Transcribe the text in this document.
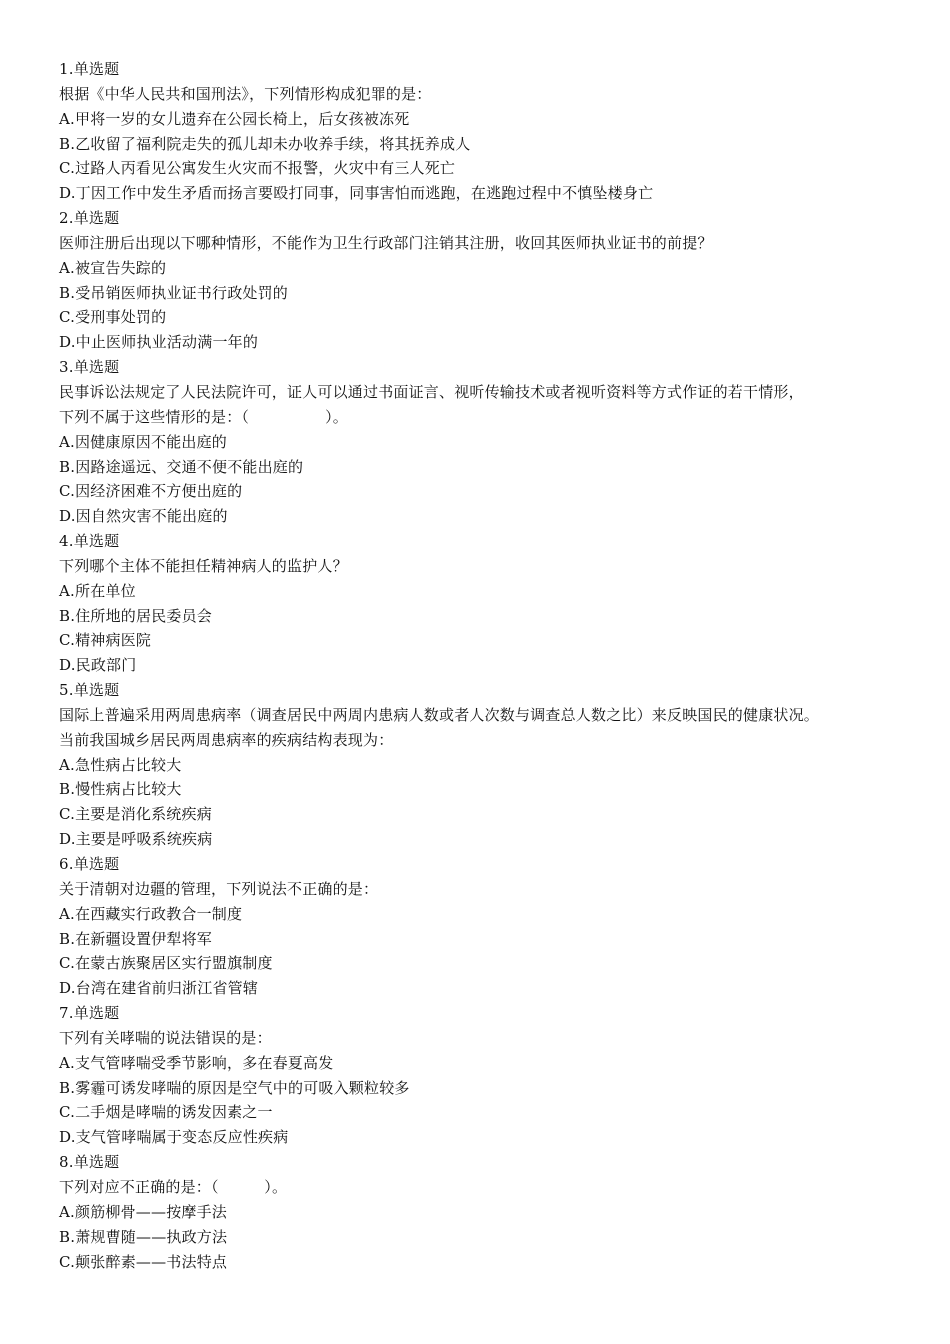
1.单选题
根据《中华人民共和国刑法》，下列情形构成犯罪的是：
A.甲将一岁的女儿遗弃在公园长椅上，后女孩被冻死
B.乙收留了福利院走失的孤儿却未办收养手续，将其抚养成人
C.过路人丙看见公寓发生火灾而不报警，火灾中有三人死亡
D.丁因工作中发生矛盾而扬言要殴打同事，同事害怕而逃跑，在逃跑过程中不慎坠楼身亡
2.单选题
医师注册后出现以下哪种情形，不能作为卫生行政部门注销其注册，收回其医师执业证书的前提？
A.被宣告失踪的
B.受吊销医师执业证书行政处罚的
C.受刑事处罚的
D.中止医师执业活动满一年的
3.单选题
民事诉讼法规定了人民法院许可，证人可以通过书面证言、视听传输技术或者视听资料等方式作证的若干情形，
下列不属于这些情形的是：（　　　　　）。
A.因健康原因不能出庭的
B.因路途遥远、交通不便不能出庭的
C.因经济困难不方便出庭的
D.因自然灾害不能出庭的
4.单选题
下列哪个主体不能担任精神病人的监护人？
A.所在单位
B.住所地的居民委员会
C.精神病医院
D.民政部门
5.单选题
国际上普遍采用两周患病率（调查居民中两周内患病人数或者人次数与调查总人数之比）来反映国民的健康状况。
当前我国城乡居民两周患病率的疾病结构表现为：
A.急性病占比较大
B.慢性病占比较大
C.主要是消化系统疾病
D.主要是呼吸系统疾病
6.单选题
关于清朝对边疆的管理，下列说法不正确的是：
A.在西藏实行政教合一制度
B.在新疆设置伊犁将军
C.在蒙古族聚居区实行盟旗制度
D.台湾在建省前归浙江省管辖
7.单选题
下列有关哮喘的说法错误的是：
A.支气管哮喘受季节影响，多在春夏高发
B.雾霾可诱发哮喘的原因是空气中的可吸入颗粒较多
C.二手烟是哮喘的诱发因素之一
D.支气管哮喘属于变态反应性疾病
8.单选题
下列对应不正确的是：（　　　）。
A.颜筋柳骨——按摩手法
B.萧规曹随——执政方法
C.颠张醉素——书法特点
